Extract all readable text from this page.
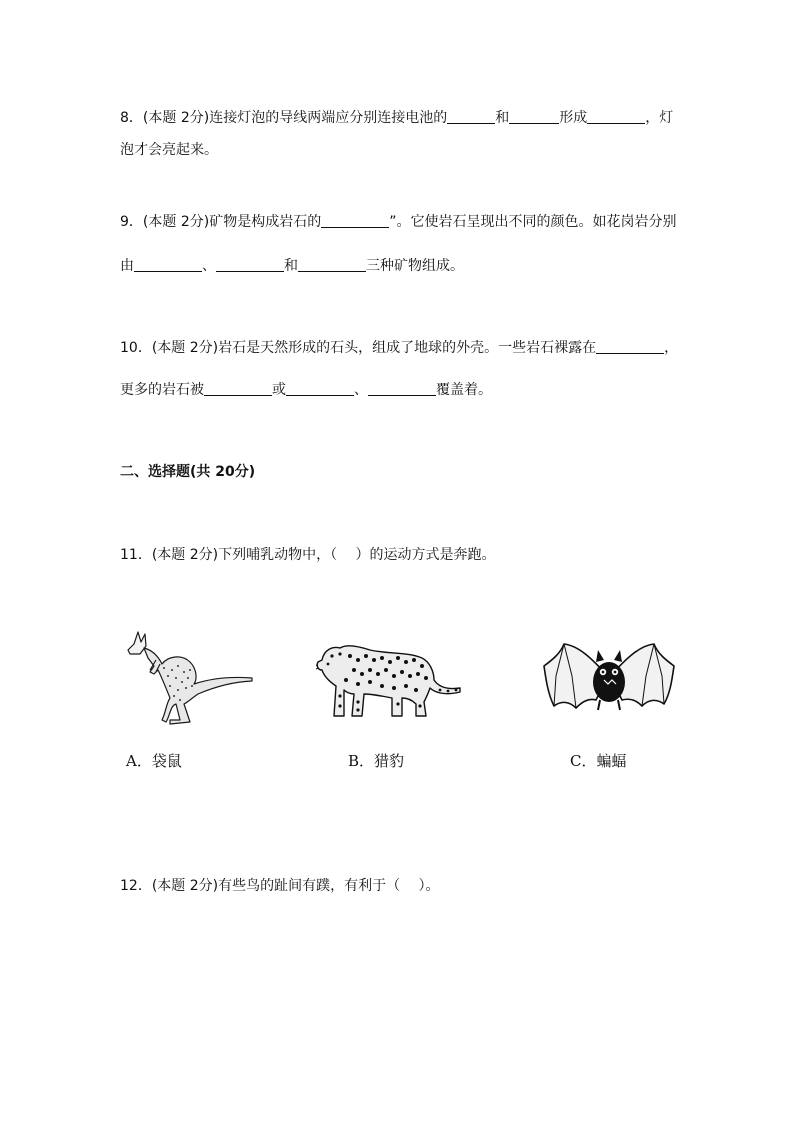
8．(本题 2分)连接灯泡的导线两端应分别连接电池的	和	形成	，灯
泡才会亮起来。
9．(本题 2分)矿物是构成岩石的	”。它使岩石呈现出不同的颜色。如花岗岩分别
由	、	和	三种矿物组成。
10．(本题 2分)岩石是天然形成的石头，组成了地球的外壳。一些岩石裸露在	，
更多的岩石被	或	、	覆盖着。
二、选择题(共 20分)
11．(本题 2分)下列哺乳动物中，（　 ）的运动方式是奔跑。
A．袋鼠	B．猎豹	C．蝙蝠
12．(本题 2分)有些鸟的趾间有蹼，有利于（　 ）。
